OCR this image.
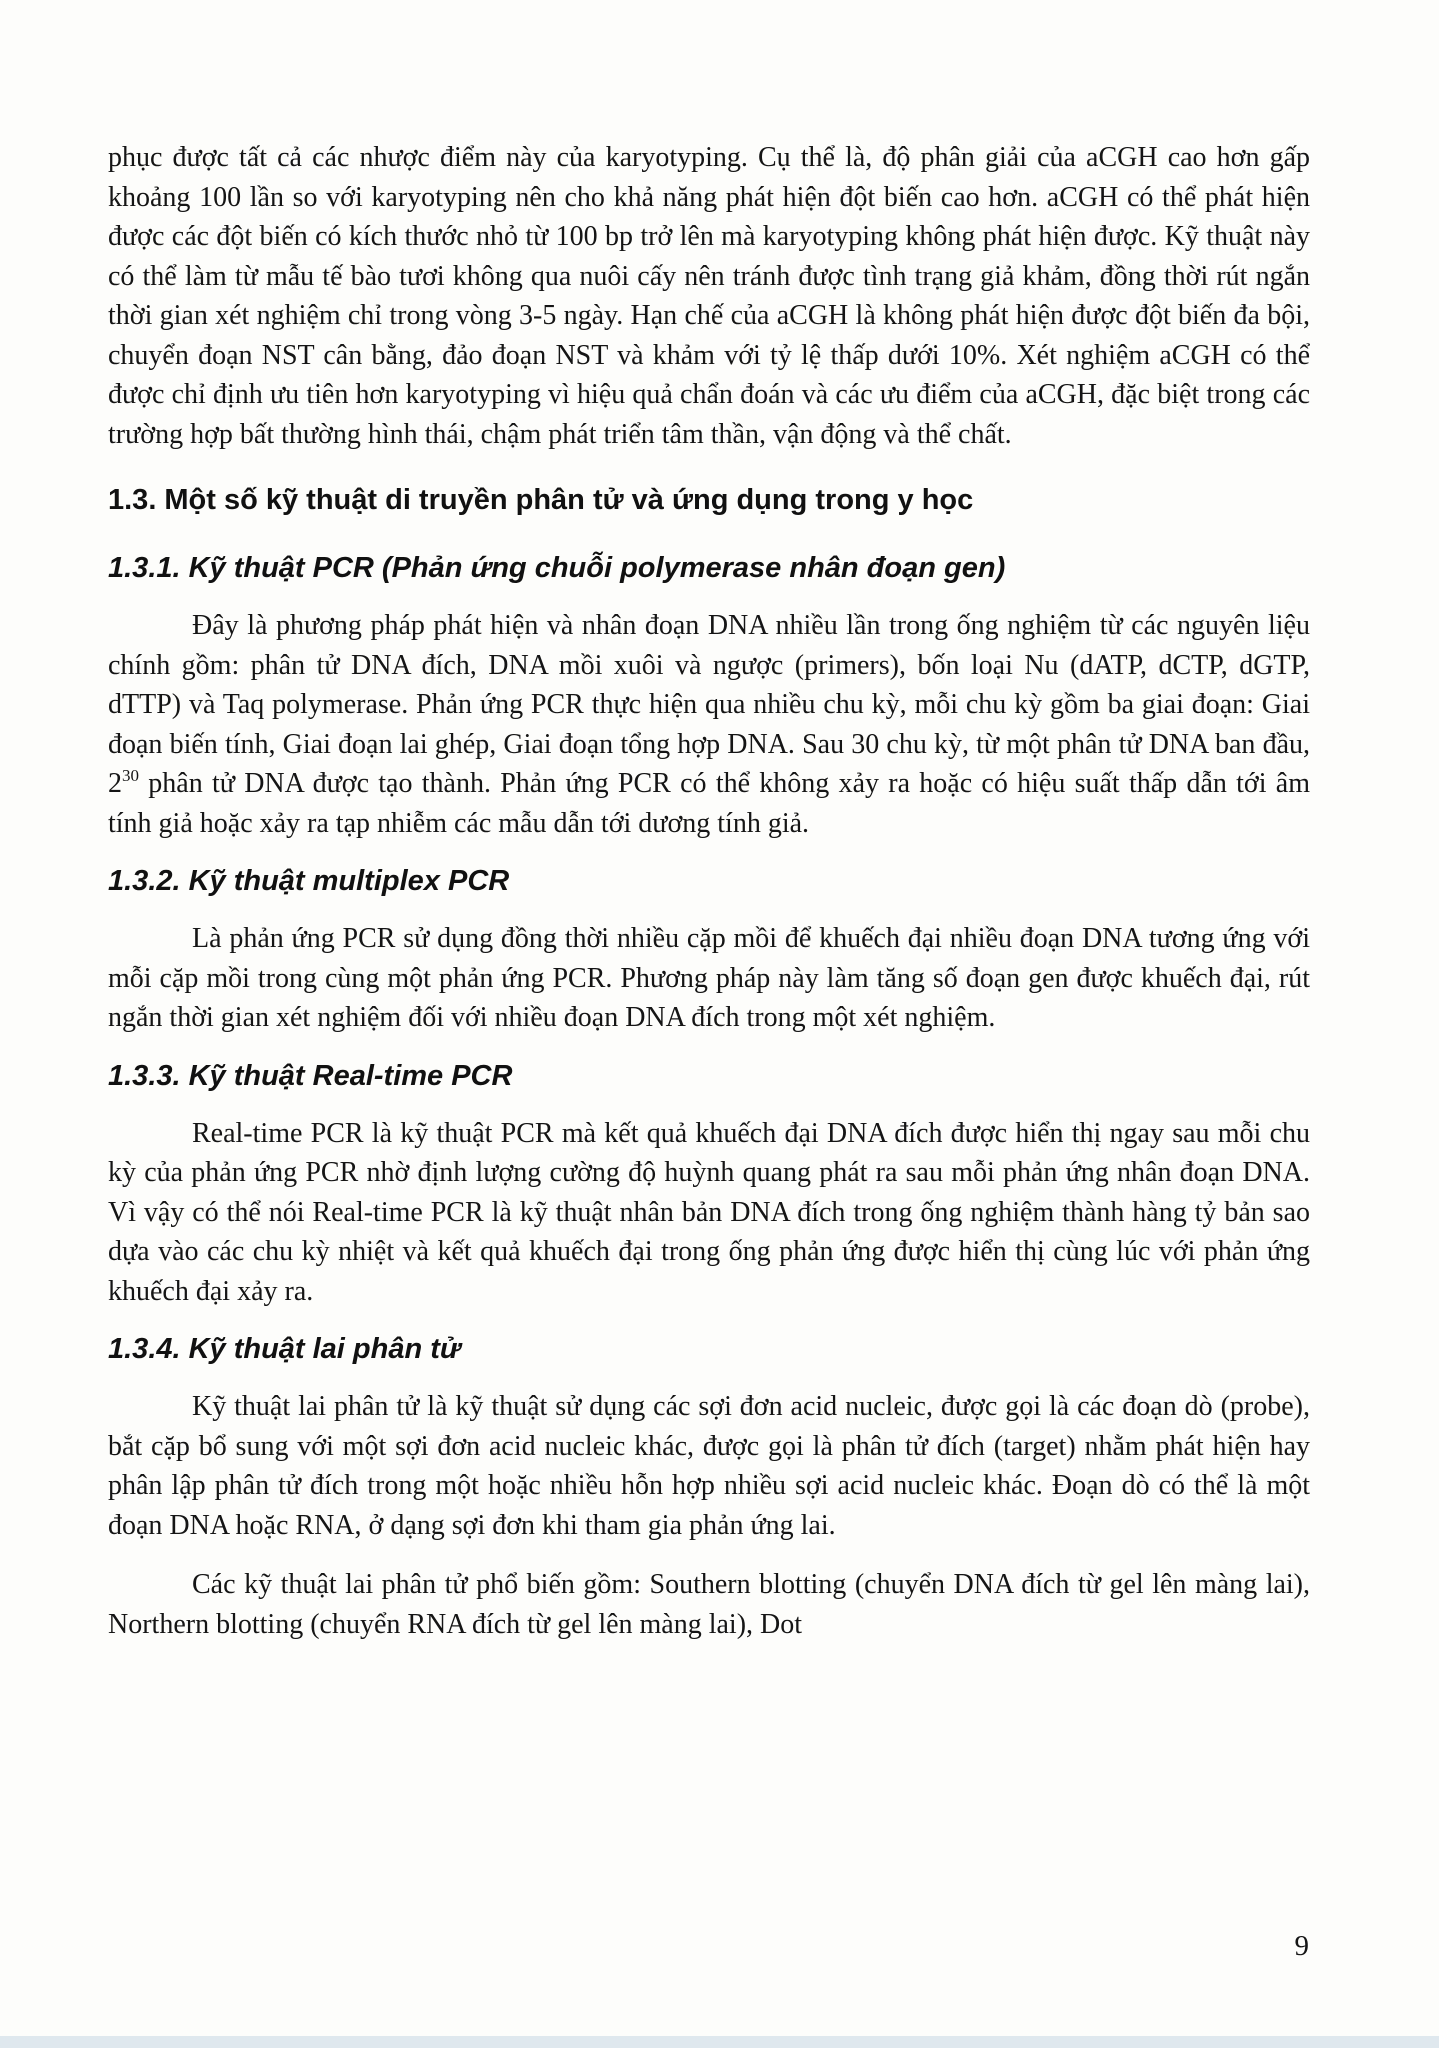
phục được tất cả các nhược điểm này của karyotyping. Cụ thể là, độ phân giải của aCGH cao hơn gấp khoảng 100 lần so với karyotyping nên cho khả năng phát hiện đột biến cao hơn. aCGH có thể phát hiện được các đột biến có kích thước nhỏ từ 100 bp trở lên mà karyotyping không phát hiện được. Kỹ thuật này có thể làm từ mẫu tế bào tươi không qua nuôi cấy nên tránh được tình trạng giả khảm, đồng thời rút ngắn thời gian xét nghiệm chỉ trong vòng 3-5 ngày. Hạn chế của aCGH là không phát hiện được đột biến đa bội, chuyển đoạn NST cân bằng, đảo đoạn NST và khảm với tỷ lệ thấp dưới 10%. Xét nghiệm aCGH có thể được chỉ định ưu tiên hơn karyotyping vì hiệu quả chẩn đoán và các ưu điểm của aCGH, đặc biệt trong các trường hợp bất thường hình thái, chậm phát triển tâm thần, vận động và thể chất.

1.3. Một số kỹ thuật di truyền phân tử và ứng dụng trong y học
1.3.1. Kỹ thuật PCR (Phản ứng chuỗi polymerase nhân đoạn gen)

Đây là phương pháp phát hiện và nhân đoạn DNA nhiều lần trong ống nghiệm từ các nguyên liệu chính gồm: phân tử DNA đích, DNA mồi xuôi và ngược (primers), bốn loại Nu (dATP, dCTP, dGTP, dTTP) và Taq polymerase. Phản ứng PCR thực hiện qua nhiều chu kỳ, mỗi chu kỳ gồm ba giai đoạn: Giai đoạn biến tính, Giai đoạn lai ghép, Giai đoạn tổng hợp DNA. Sau 30 chu kỳ, từ một phân tử DNA ban đầu, $2^{30}$ phân tử DNA được tạo thành. Phản ứng PCR có thể không xảy ra hoặc có hiệu suất thấp dẫn tới âm tính giả hoặc xảy ra tạp nhiễm các mẫu dẫn tới dương tính giả.

1.3.2. Kỹ thuật multiplex PCR

Là phản ứng PCR sử dụng đồng thời nhiều cặp mồi để khuếch đại nhiều đoạn DNA tương ứng với mỗi cặp mồi trong cùng một phản ứng PCR. Phương pháp này làm tăng số đoạn gen được khuếch đại, rút ngắn thời gian xét nghiệm đối với nhiều đoạn DNA đích trong một xét nghiệm.

1.3.3. Kỹ thuật Real-time PCR

Real-time PCR là kỹ thuật PCR mà kết quả khuếch đại DNA đích được hiển thị ngay sau mỗi chu kỳ của phản ứng PCR nhờ định lượng cường độ huỳnh quang phát ra sau mỗi phản ứng nhân đoạn DNA. Vì vậy có thể nói Real-time PCR là kỹ thuật nhân bản DNA đích trong ống nghiệm thành hàng tỷ bản sao dựa vào các chu kỳ nhiệt và kết quả khuếch đại trong ống phản ứng được hiển thị cùng lúc với phản ứng khuếch đại xảy ra.

1.3.4. Kỹ thuật lai phân tử

Kỹ thuật lai phân tử là kỹ thuật sử dụng các sợi đơn acid nucleic, được gọi là các đoạn dò (probe), bắt cặp bổ sung với một sợi đơn acid nucleic khác, được gọi là phân tử đích (target) nhằm phát hiện hay phân lập phân tử đích trong một hoặc nhiều hỗn hợp nhiều sợi acid nucleic khác. Đoạn dò có thể là một đoạn DNA hoặc RNA, ở dạng sợi đơn khi tham gia phản ứng lai.

Các kỹ thuật lai phân tử phổ biến gồm: Southern blotting (chuyển DNA đích từ gel lên màng lai), Northern blotting (chuyển RNA đích từ gel lên màng lai), Dot

9
